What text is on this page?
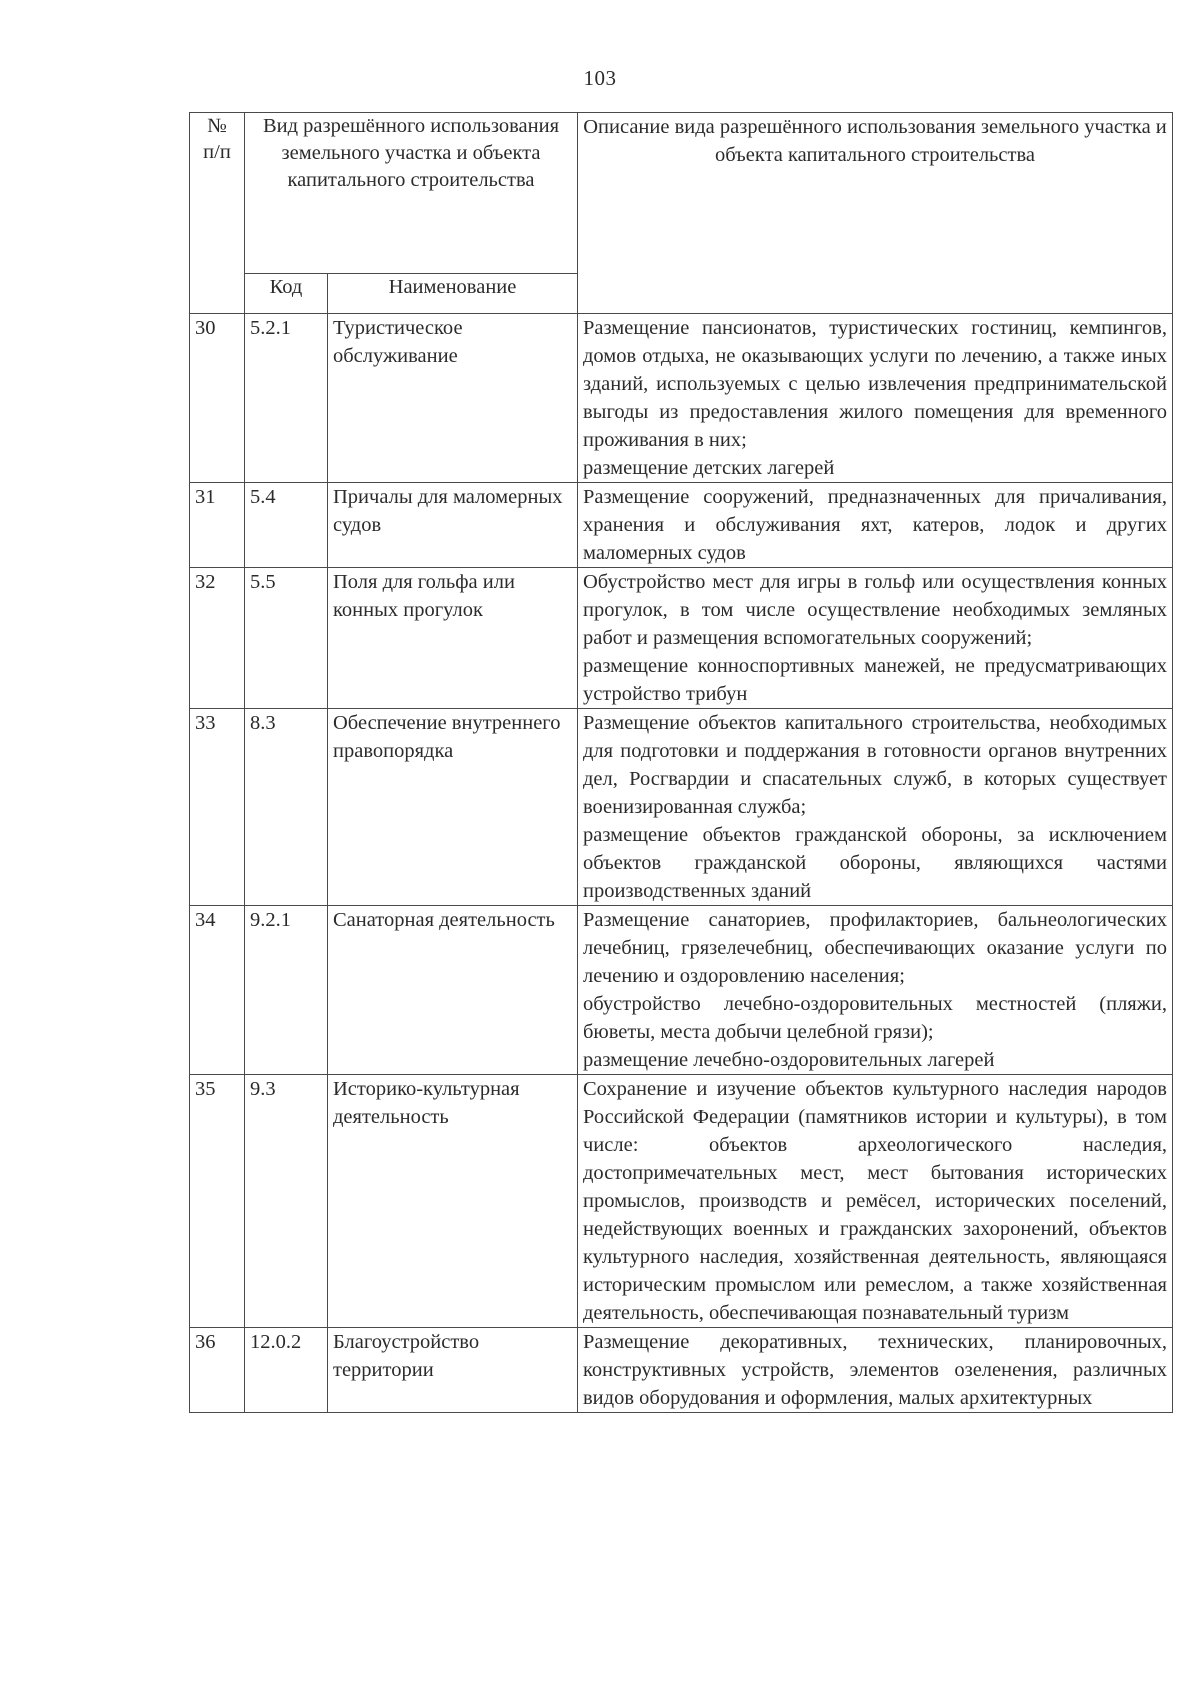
103
№
п/п	Вид разрешённого использования земельного участка и объекта капитального строительства		Описание вида разрешённого использования земельного участка и объекта капитального строительства
	Код	Наименование	
30	5.2.1	Туристическое обслуживание	Размещение пансионатов, туристических гостиниц, кемпингов, домов отдыха, не оказывающих услуги по лечению, а также иных зданий, используемых с целью извлечения предпринимательской выгоды из предоставления жилого помещения для временного проживания в них;
размещение детских лагерей

31	5.4	Причалы для маломерных судов	Размещение сооружений, предназначенных для причаливания, хранения и обслуживания яхт, катеров, лодок и других маломерных судов

32	5.5	Поля для гольфа или конных прогулок	Обустройство мест для игры в гольф или осуществления конных прогулок, в том числе осуществление необходимых земляных работ и размещения вспомогательных сооружений;
размещение конноспортивных манежей, не предусматривающих устройство трибун

33	8.3	Обеспечение внутреннего правопорядка	Размещение объектов капитального строительства, необходимых для подготовки и поддержания в готовности органов внутренних дел, Росгвардии и спасательных служб, в которых существует военизированная служба;
размещение объектов гражданской обороны, за исключением объектов гражданской обороны, являющихся частями производственных зданий

34	9.2.1	Санаторная деятельность	Размещение санаториев, профилакториев, бальнеологических лечебниц, грязелечебниц, обеспечивающих оказание услуги по лечению и оздоровлению населения;
обустройство лечебно-оздоровительных местностей (пляжи, бюветы, места добычи целебной грязи);
размещение лечебно-оздоровительных лагерей

35	9.3	Историко-культурная деятельность	Сохранение и изучение объектов культурного наследия народов Российской Федерации (памятников истории и культуры), в том числе: объектов археологического наследия, достопримечательных мест, мест бытования исторических промыслов, производств и ремёсел, исторических поселений, недействующих военных и гражданских захоронений, объектов культурного наследия, хозяйственная деятельность, являющаяся историческим промыслом или ремеслом, а также хозяйственная деятельность, обеспечивающая познавательный туризм

36	12.0.2	Благоустройство территории	Размещение декоративных, технических, планировочных, конструктивных устройств, элементов озеленения, различных видов оборудования и оформления, малых архитектурных
